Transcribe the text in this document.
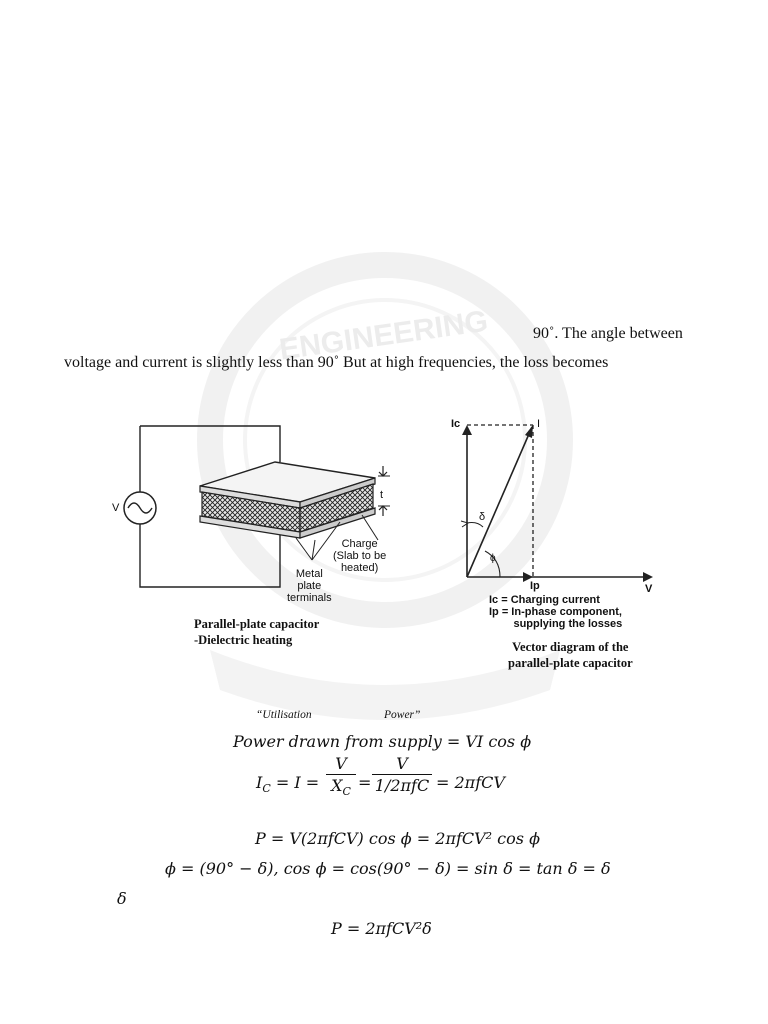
ENGINEERING	90˚. The angle between
voltage and current is slightly less than 90˚ But at high frequencies, the loss becomes
V
t
Charge
(Slab to be
heated)
Metal
plate
terminals
Parallel-plate capacitor
-Dielectric heating
Ic	I
δ
ϕ
Ip	V
Ic = Charging current
Ip = In-phase component,
supplying the losses
Vector diagram of the
parallel-plate capacitor
“Utilisation	Power”
Power drawn from supply = VI cos ϕ
$I_C = I$ =
V
$X_C$ =
V
1/2πfC = 2πfCV
P = V(2πfCV) cos ϕ = 2πfCV² cos ϕ
ϕ = (90° − δ), cos ϕ = cos(90° − δ) = sin δ = tan δ = δ
δ
P = 2πfCV²δ
